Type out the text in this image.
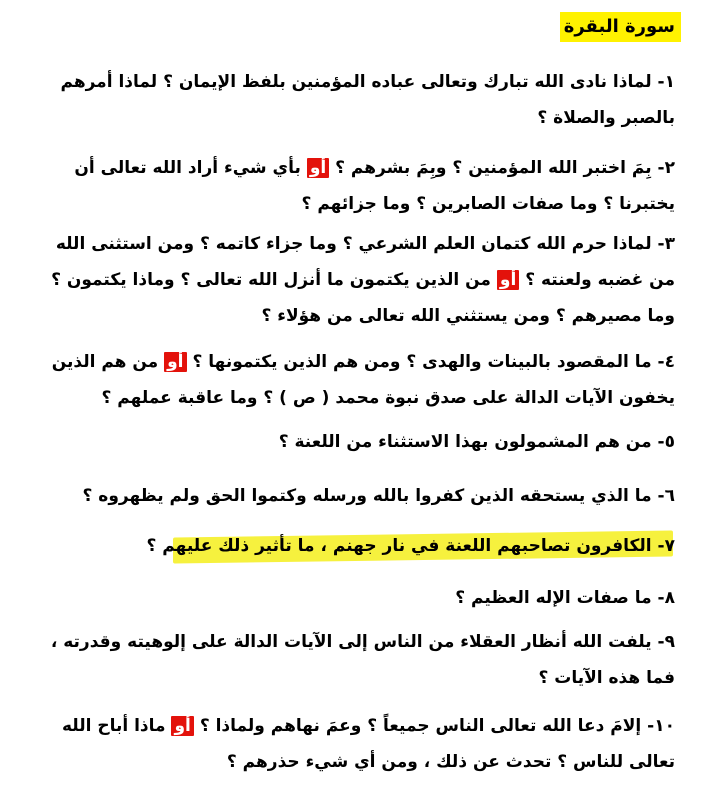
سورة البقرة
١- لماذا نادى الله تبارك وتعالى عباده المؤمنين بلفظ الإيمان ؟ لماذا أمرهم بالصبر والصلاة ؟
٢- بِمَ اختبر الله المؤمنين ؟ وبِمَ بشرهم ؟ أو بأي شيء أراد الله تعالى أن يختبرنا ؟ وما صفات الصابرين ؟ وما جزائهم ؟
٣- لماذا حرم الله كتمان العلم الشرعي ؟ وما جزاء كاتمه ؟ ومن استثنى الله من غضبه ولعنته ؟ أو من الذين يكتمون ما أنزل الله تعالى ؟ وماذا يكتمون ؟ وما مصيرهم ؟ ومن يستثني الله تعالى من هؤلاء ؟
٤- ما المقصود بالبينات والهدى ؟ ومن هم الذين يكتمونها ؟ أو من هم الذين يخفون الآيات الدالة على صدق نبوة محمد ( ص ) ؟ وما عاقبة عملهم ؟
٥- من هم المشمولون بهذا الاستثناء من اللعنة ؟
٦- ما الذي يستحقه الذين كفروا بالله ورسله وكتموا الحق ولم يظهروه ؟
٧- الكافرون تصاحبهم اللعنة في نار جهنم ، ما تأثير ذلك عليهم ؟
٨- ما صفات الإله العظيم ؟
٩- يلفت الله أنظار العقلاء من الناس إلى الآيات الدالة على إلوهيته وقدرته ، فما هذه الآيات ؟
١٠- إلامَ دعا الله تعالى الناس جميعاً ؟ وعمَ نهاهم ولماذا ؟ أو ماذا أباح الله تعالى للناس ؟ تحدث عن ذلك ، ومن أي شيء حذرهم ؟
